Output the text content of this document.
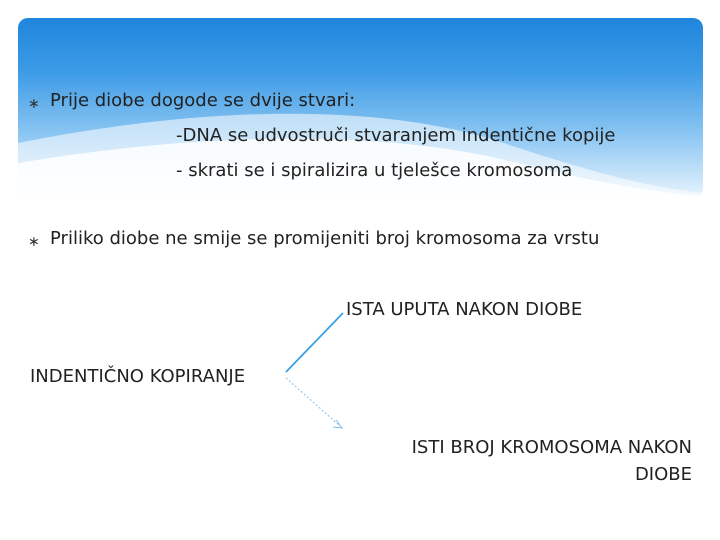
∗ Prije diobe dogode se dvije stvari:
-DNA se udvostruči stvaranjem indentične kopije
- skrati se i spiralizira u tjelešce kromosoma
∗ Priliko diobe ne smije se promijeniti broj kromosoma za vrstu
ISTA UPUTA NAKON DIOBE
INDENTIČNO KOPIRANJE
ISTI BROJ KROMOSOMA NAKON
DIOBE
